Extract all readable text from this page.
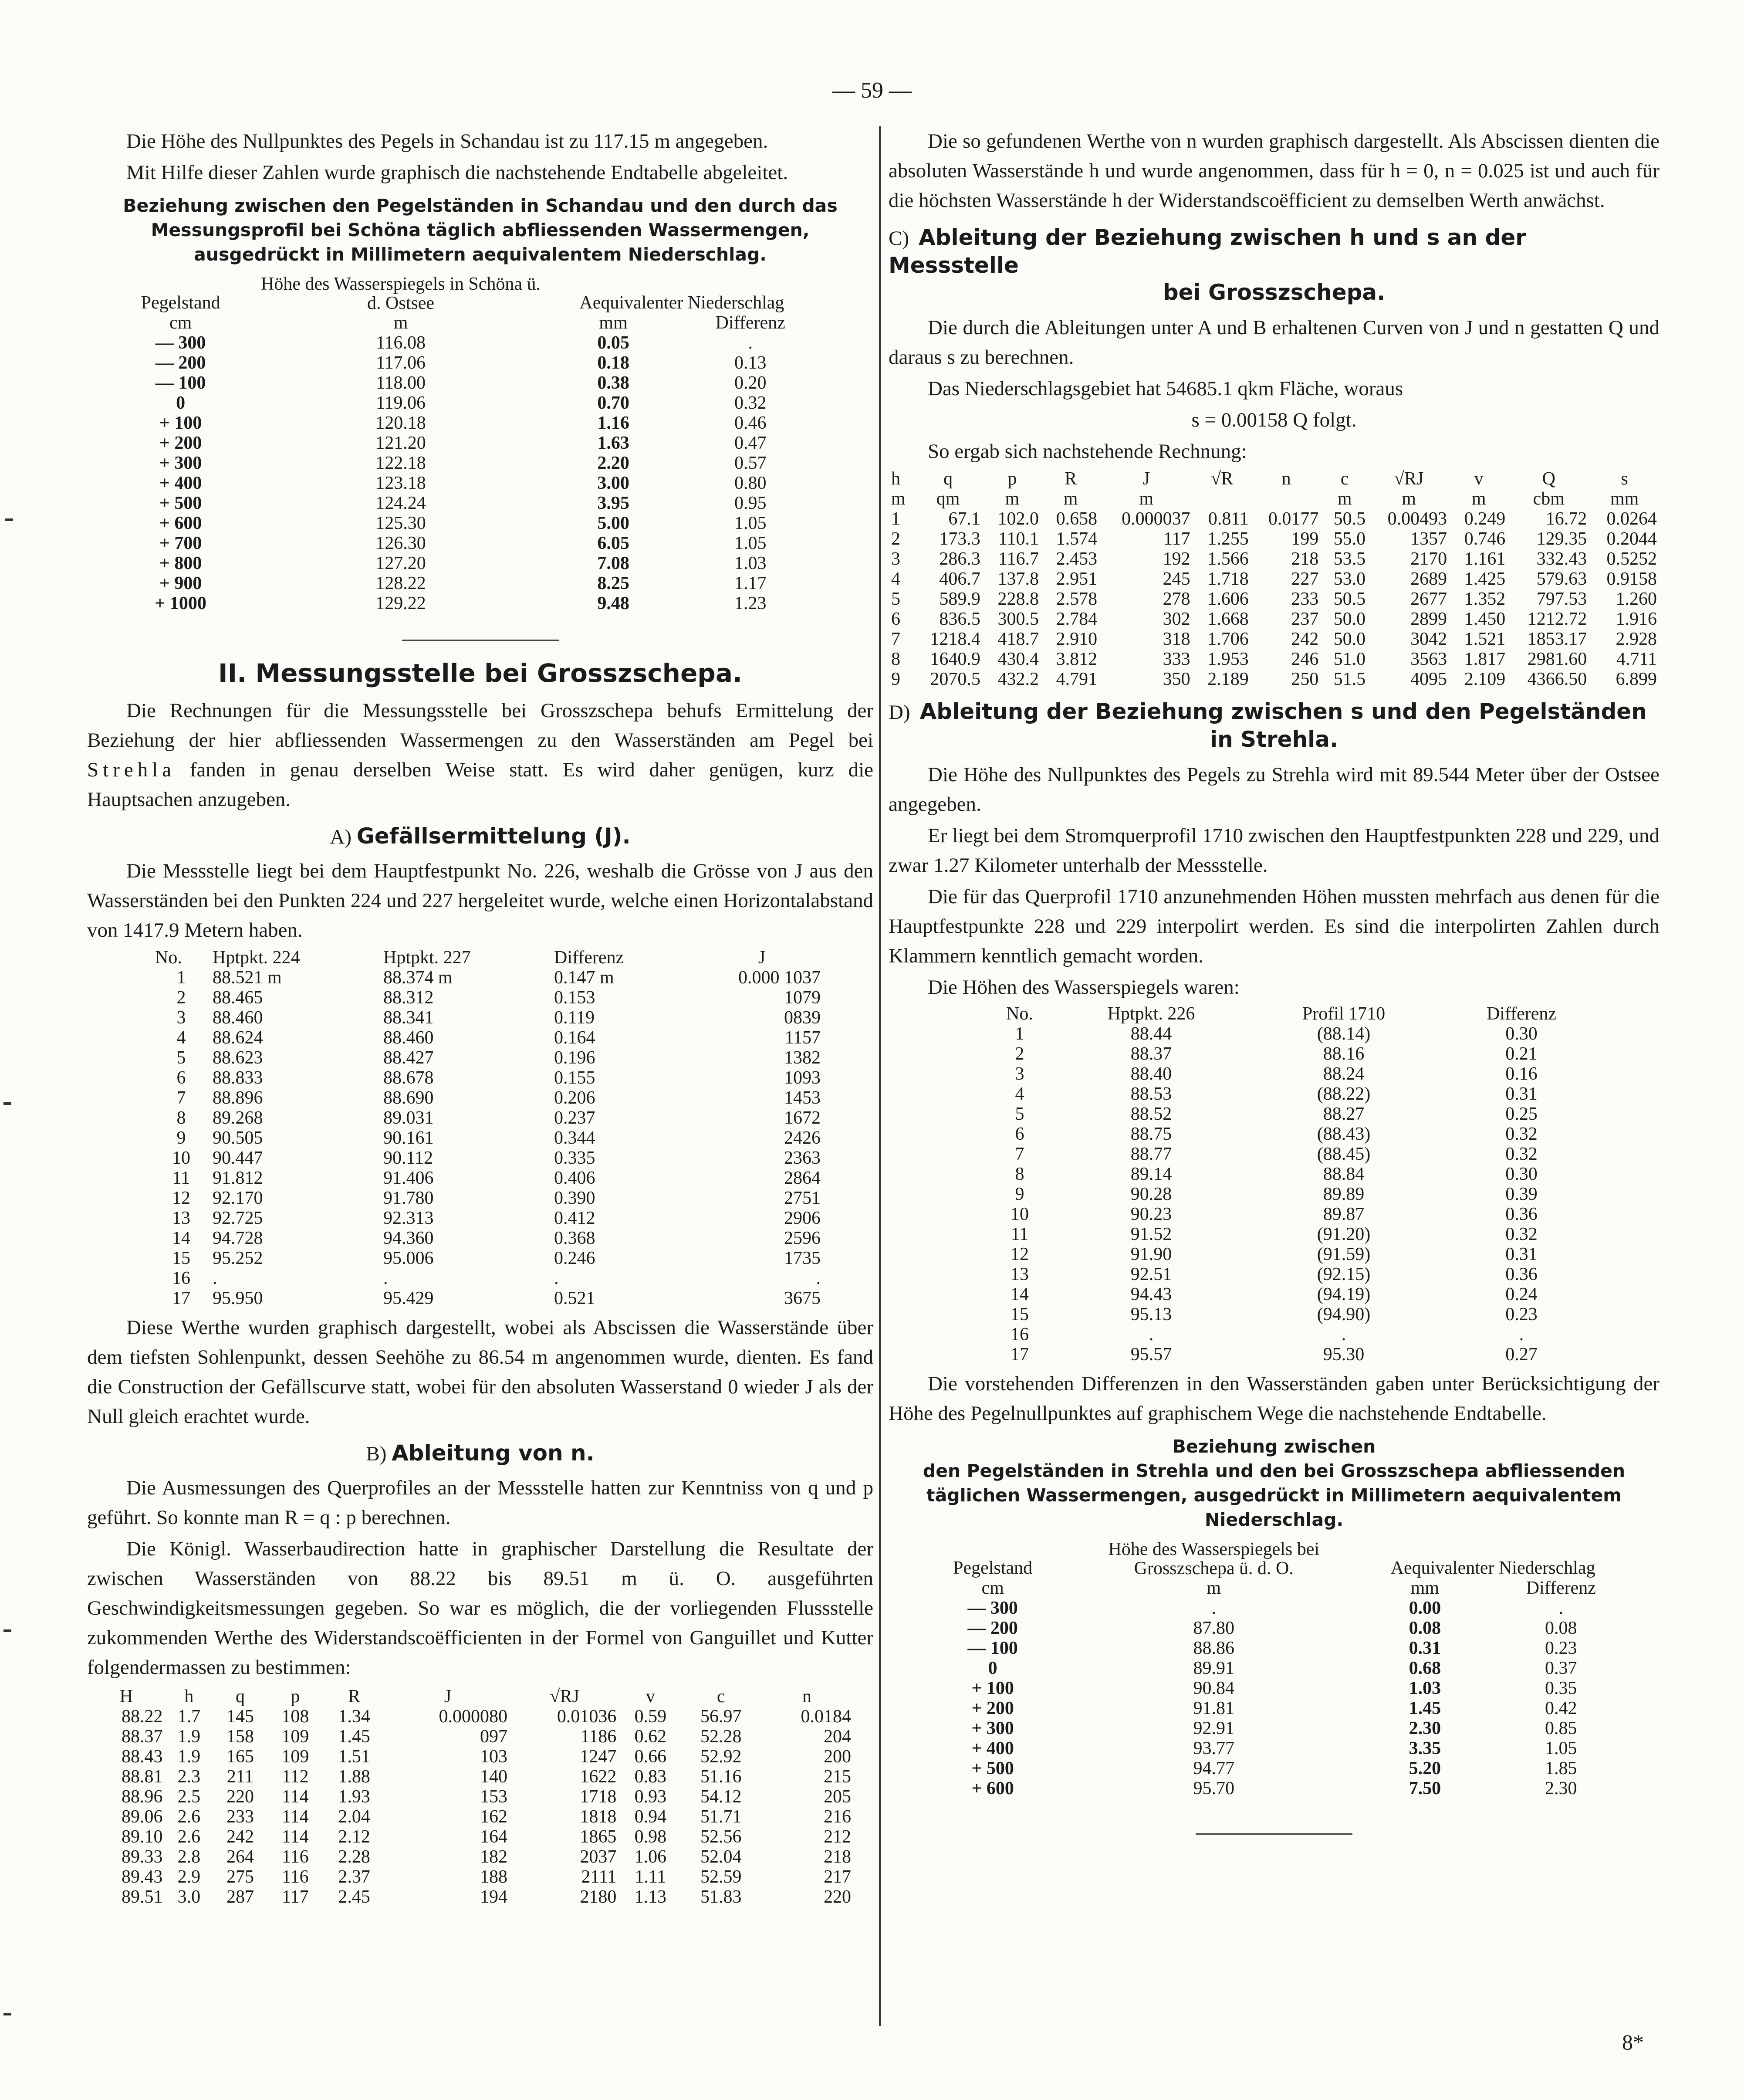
— 59 —

Die Höhe des Nullpunktes des Pegels in Schandau ist zu 117.15 m angegeben.

Mit Hilfe dieser Zahlen wurde graphisch die nachstehende Endtabelle abgeleitet.

Beziehung zwischen den Pegelständen in Schandau und den durch das Messungsprofil bei Schöna täglich abfliessenden Wassermengen, ausgedrückt in Millimetern aequivalentem Niederschlag.
Pegelstand	Höhe des Wasserspiegels in Schöna ü. d. Ostsee	Aequivalenter Niederschlag	
cm	m	mm	Differenz
— 300	116.08	0.05	.
— 200	117.06	0.18	0.13
— 100	118.00	0.38	0.20
0	119.06	0.70	0.32
+ 100	120.18	1.16	0.46
+ 200	121.20	1.63	0.47
+ 300	122.18	2.20	0.57
+ 400	123.18	3.00	0.80
+ 500	124.24	3.95	0.95
+ 600	125.30	5.00	1.05
+ 700	126.30	6.05	1.05
+ 800	127.20	7.08	1.03
+ 900	128.22	8.25	1.17
+ 1000	129.22	9.48	1.23
II. Messungsstelle bei Grosszschepa.

Die Rechnungen für die Messungsstelle bei Grosszschepa behufs Ermittelung der Beziehung der hier abfliessenden Wassermengen zu den Wasserständen am Pegel bei Strehla fanden in genau derselben Weise statt. Es wird daher genügen, kurz die Hauptsachen anzugeben.

A) Gefällsermittelung (J).

Die Messstelle liegt bei dem Hauptfestpunkt No. 226, weshalb die Grösse von J aus den Wasserständen bei den Punkten 224 und 227 hergeleitet wurde, welche einen Horizontalabstand von 1417.9 Metern haben.

No.	Hptpkt. 224	Hptpkt. 227	Differenz	J
1	88.521 m	88.374 m	0.147 m	0.000 1037
2	88.465	88.312	0.153	1079
3	88.460	88.341	0.119	0839
4	88.624	88.460	0.164	1157
5	88.623	88.427	0.196	1382
6	88.833	88.678	0.155	1093
7	88.896	88.690	0.206	1453
8	89.268	89.031	0.237	1672
9	90.505	90.161	0.344	2426
10	90.447	90.112	0.335	2363
11	91.812	91.406	0.406	2864
12	92.170	91.780	0.390	2751
13	92.725	92.313	0.412	2906
14	94.728	94.360	0.368	2596
15	95.252	95.006	0.246	1735
16	.	.	.	.
17	95.950	95.429	0.521	3675

Diese Werthe wurden graphisch dargestellt, wobei als Abscissen die Wasserstände über dem tiefsten Sohlenpunkt, dessen Seehöhe zu 86.54 m angenommen wurde, dienten. Es fand die Construction der Gefällscurve statt, wobei für den absoluten Wasserstand 0 wieder J als der Null gleich erachtet wurde.

B) Ableitung von n.

Die Ausmessungen des Querprofiles an der Messstelle hatten zur Kenntniss von q und p geführt. So konnte man R = q : p berechnen.

Die Königl. Wasserbaudirection hatte in graphischer Darstellung die Resultate der zwischen Wasserständen von 88.22 bis 89.51 m ü. O. ausgeführten Geschwindigkeitsmessungen gegeben. So war es möglich, die der vorliegenden Flussstelle zukommenden Werthe des Widerstandscoëfficienten in der Formel von Ganguillet und Kutter folgendermassen zu bestimmen:

H	h	q	p	R	J	√RJ	v	c	n
88.22	1.7	145	108	1.34	0.000080	0.01036	0.59	56.97	0.0184
88.37	1.9	158	109	1.45	097	1186	0.62	52.28	204
88.43	1.9	165	109	1.51	103	1247	0.66	52.92	200
88.81	2.3	211	112	1.88	140	1622	0.83	51.16	215
88.96	2.5	220	114	1.93	153	1718	0.93	54.12	205
89.06	2.6	233	114	2.04	162	1818	0.94	51.71	216
89.10	2.6	242	114	2.12	164	1865	0.98	52.56	212
89.33	2.8	264	116	2.28	182	2037	1.06	52.04	218
89.43	2.9	275	116	2.37	188	2111	1.11	52.59	217
89.51	3.0	287	117	2.45	194	2180	1.13	51.83	220

Die so gefundenen Werthe von n wurden graphisch dargestellt. Als Abscissen dienten die absoluten Wasserstände h und wurde angenommen, dass für h = 0, n = 0.025 ist und auch für die höchsten Wasserstände h der Widerstandscoëfficient zu demselben Werth anwächst.

C) Ableitung der Beziehung zwischen h und s an der Messstelle
bei Grosszschepa.

Die durch die Ableitungen unter A und B erhaltenen Curven von J und n gestatten Q und daraus s zu berechnen.

Das Niederschlagsgebiet hat 54685.1 qkm Fläche, woraus

s = 0.00158 Q folgt.

So ergab sich nachstehende Rechnung:

h	q	p	R	J	√R	n	c	√RJ	v	Q	s
m	qm	m	m	m			m	m	m	cbm	mm
1	67.1	102.0	0.658	0.000037	0.811	0.0177	50.5	0.00493	0.249	16.72	0.0264
2	173.3	110.1	1.574	117	1.255	199	55.0	1357	0.746	129.35	0.2044
3	286.3	116.7	2.453	192	1.566	218	53.5	2170	1.161	332.43	0.5252
4	406.7	137.8	2.951	245	1.718	227	53.0	2689	1.425	579.63	0.9158
5	589.9	228.8	2.578	278	1.606	233	50.5	2677	1.352	797.53	1.260
6	836.5	300.5	2.784	302	1.668	237	50.0	2899	1.450	1212.72	1.916
7	1218.4	418.7	2.910	318	1.706	242	50.0	3042	1.521	1853.17	2.928
8	1640.9	430.4	3.812	333	1.953	246	51.0	3563	1.817	2981.60	4.711
9	2070.5	432.2	4.791	350	2.189	250	51.5	4095	2.109	4366.50	6.899
D) Ableitung der Beziehung zwischen s und den Pegelständen
in Strehla.

Die Höhe des Nullpunktes des Pegels zu Strehla wird mit 89.544 Meter über der Ostsee angegeben.

Er liegt bei dem Stromquerprofil 1710 zwischen den Hauptfestpunkten 228 und 229, und zwar 1.27 Kilometer unterhalb der Messstelle.

Die für das Querprofil 1710 anzunehmenden Höhen mussten mehrfach aus denen für die Hauptfestpunkte 228 und 229 interpolirt werden. Es sind die interpolirten Zahlen durch Klammern kenntlich gemacht worden.

Die Höhen des Wasserspiegels waren:

No.	Hptpkt. 226	Profil 1710	Differenz
1	88.44	(88.14)	0.30
2	88.37	88.16	0.21
3	88.40	88.24	0.16
4	88.53	(88.22)	0.31
5	88.52	88.27	0.25
6	88.75	(88.43)	0.32
7	88.77	(88.45)	0.32
8	89.14	88.84	0.30
9	90.28	89.89	0.39
10	90.23	89.87	0.36
11	91.52	(91.20)	0.32
12	91.90	(91.59)	0.31
13	92.51	(92.15)	0.36
14	94.43	(94.19)	0.24
15	95.13	(94.90)	0.23
16	.	.	.
17	95.57	95.30	0.27

Die vorstehenden Differenzen in den Wasserständen gaben unter Berücksichtigung der Höhe des Pegelnullpunktes auf graphischem Wege die nachstehende Endtabelle.

Beziehung zwischen
den Pegelständen in Strehla und den bei Grosszschepa abfliessenden täglichen Wassermengen, ausgedrückt in Millimetern aequivalentem Niederschlag.
Pegelstand	Höhe des Wasserspiegels bei Grosszschepa ü. d. O.	Aequivalenter Niederschlag	
cm	m	mm	Differenz
— 300	.	0.00	.
— 200	87.80	0.08	0.08
— 100	88.86	0.31	0.23
0	89.91	0.68	0.37
+ 100	90.84	1.03	0.35
+ 200	91.81	1.45	0.42
+ 300	92.91	2.30	0.85
+ 400	93.77	3.35	1.05
+ 500	94.77	5.20	1.85
+ 600	95.70	7.50	2.30
8*
